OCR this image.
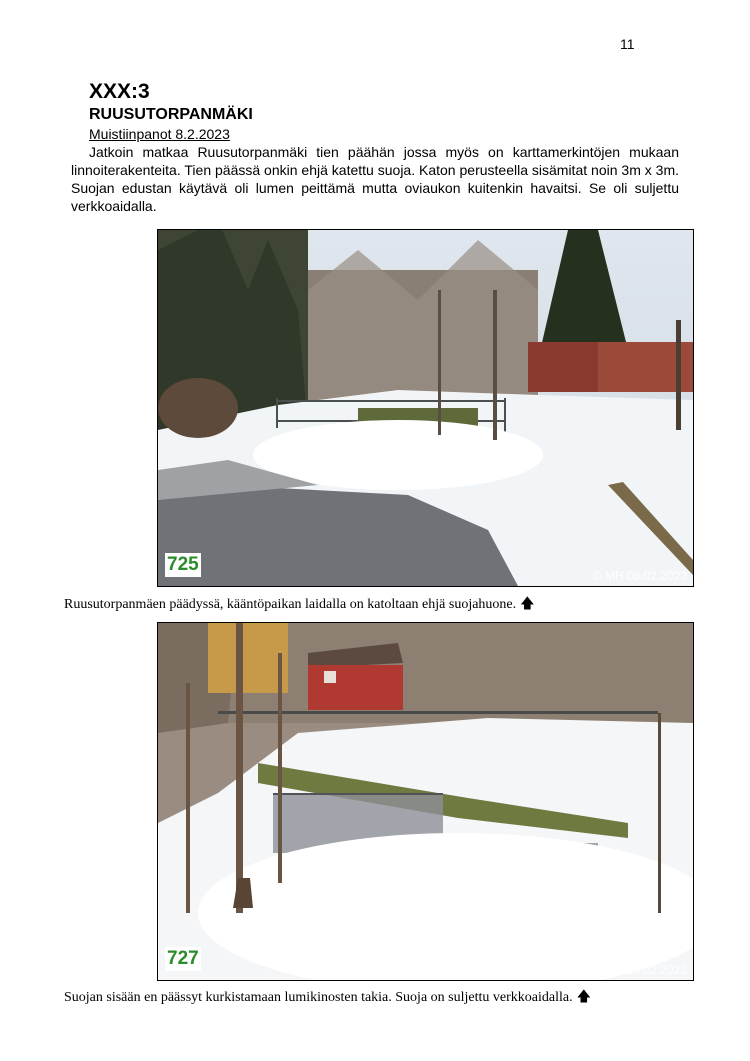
11
XXX:3
RUUSUTORPANMÄKI
Muistiinpanot 8.2.2023

Jatkoin matkaa Ruusutorpanmäki tien päähän jossa myös on karttamerkintöjen mukaan linnoiterakenteita. Tien päässä onkin ehjä katettu suoja. Katon perusteella sisämitat noin 3m x 3m. Suojan edustan käytävä oli lumen peittämä mutta oviaukon kuitenkin havaitsi. Se oli suljettu verkkoaidalla.

725
© MH 08.02.2023
Ruusutorpanmäen päädyssä, kääntöpaikan laidalla on katoltaan ehjä suojahuone. 🡅
727
© MH 08.02.2023
Suojan sisään en päässyt kurkistamaan lumikinosten takia. Suoja on suljettu verkkoaidalla. 🡅
